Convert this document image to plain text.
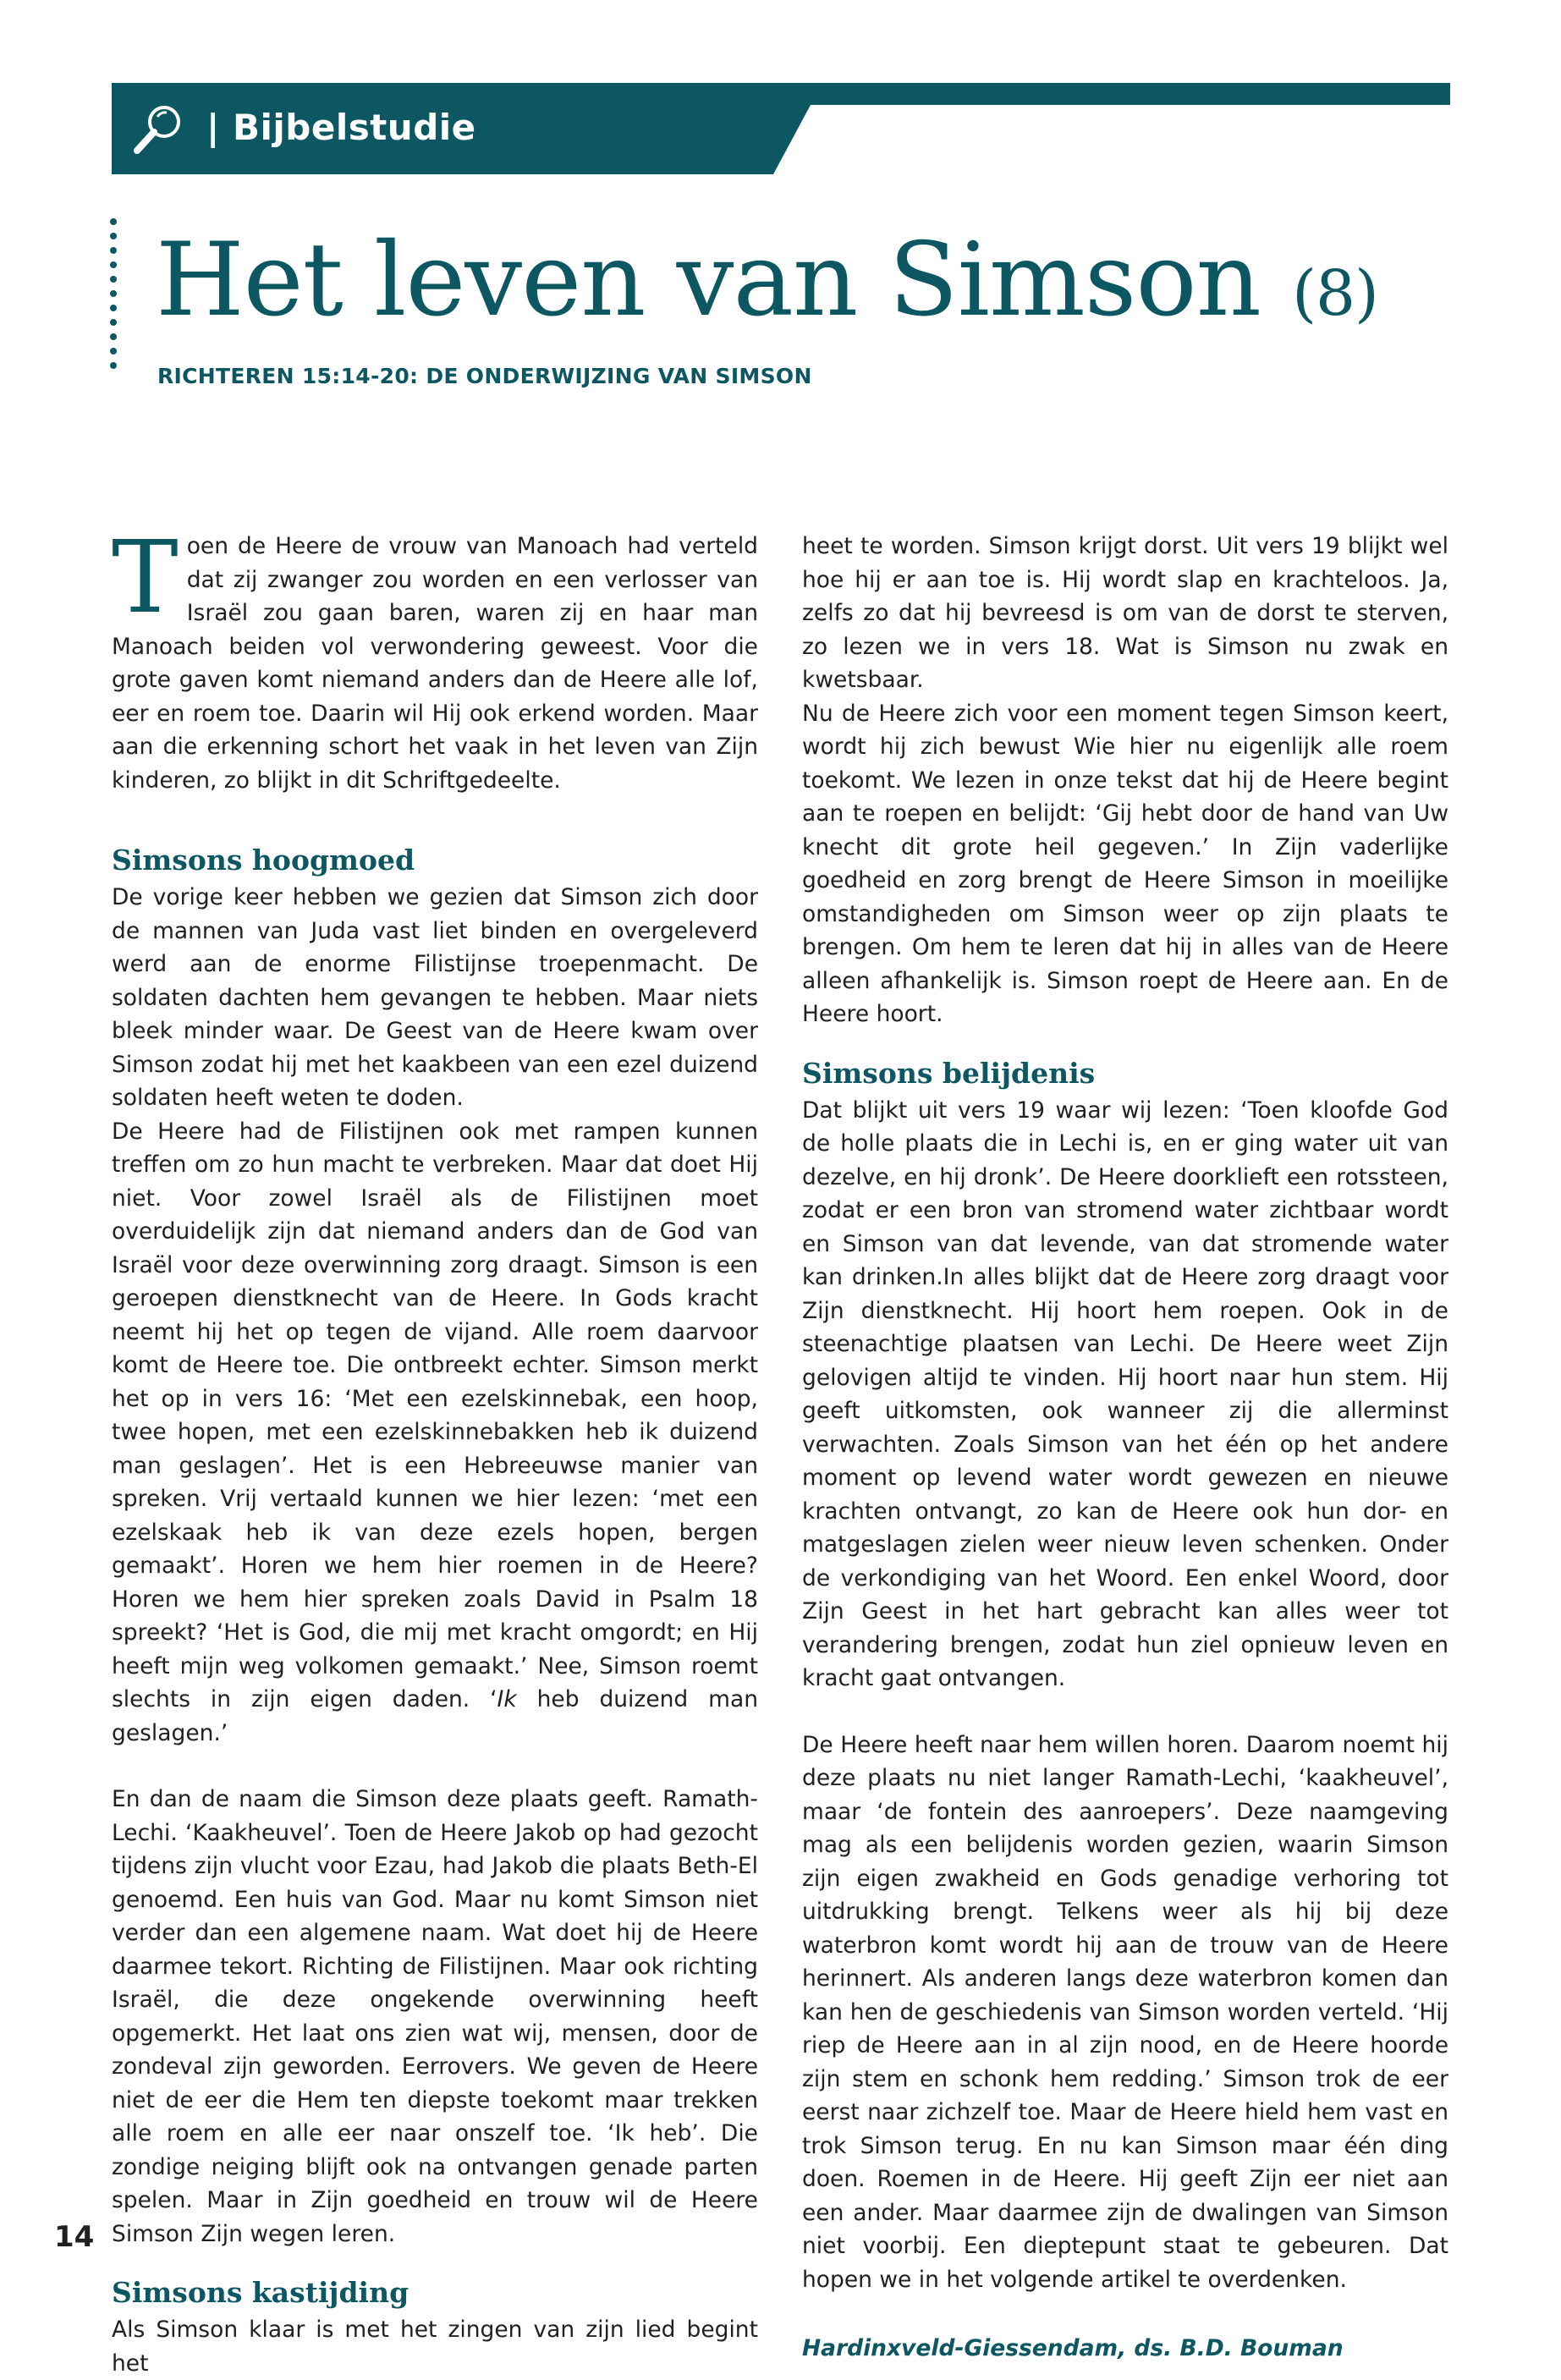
| Bijbelstudie
Het leven van Simson (8)
RICHTEREN 15:14-20: DE ONDERWIJZING VAN SIMSON

Toen de Heere de vrouw van Manoach had verteld dat zij zwanger zou worden en een verlosser van Israël zou gaan baren, waren zij en haar man Manoach beiden vol verwondering geweest. Voor die grote gaven komt niemand anders dan de Heere alle lof, eer en roem toe. Daarin wil Hij ook erkend worden. Maar aan die erkenning schort het vaak in het leven van Zijn kinderen, zo blijkt in dit Schriftgedeelte.

Simsons hoogmoed

De vorige keer hebben we gezien dat Simson zich door de mannen van Juda vast liet binden en overgeleverd werd aan de enorme Filistijnse troepenmacht. De soldaten dachten hem gevangen te hebben. Maar niets bleek minder waar. De Geest van de Heere kwam over Simson zodat hij met het kaakbeen van een ezel duizend soldaten heeft weten te doden.

De Heere had de Filistijnen ook met rampen kunnen treffen om zo hun macht te verbreken. Maar dat doet Hij niet. Voor zowel Israël als de Filistijnen moet overduidelijk zijn dat niemand anders dan de God van Israël voor deze overwinning zorg draagt. Simson is een geroepen dienstknecht van de Heere. In Gods kracht neemt hij het op tegen de vijand. Alle roem daarvoor komt de Heere toe. Die ontbreekt echter. Simson merkt het op in vers 16: ‘Met een ezelskinnebak, een hoop, twee hopen, met een ezelskinnebakken heb ik duizend man geslagen’. Het is een Hebreeuwse manier van spreken. Vrij vertaald kunnen we hier lezen: ‘met een ezelskaak heb ik van deze ezels hopen, bergen gemaakt’. Horen we hem hier roemen in de Heere? Horen we hem hier spreken zoals David in Psalm 18 spreekt? ‘Het is God, die mij met kracht omgordt; en Hij heeft mijn weg volkomen gemaakt.’ Nee, Simson roemt slechts in zijn eigen daden. ‘Ik heb duizend man geslagen.’

En dan de naam die Simson deze plaats geeft. Ramath-Lechi. ‘Kaakheuvel’. Toen de Heere Jakob op had gezocht tijdens zijn vlucht voor Ezau, had Jakob die plaats Beth-El genoemd. Een huis van God. Maar nu komt Simson niet verder dan een algemene naam. Wat doet hij de Heere daarmee tekort. Richting de Filistijnen. Maar ook richting Israël, die deze ongekende overwinning heeft opgemerkt. Het laat ons zien wat wij, mensen, door de zondeval zijn geworden. Eerrovers. We geven de Heere niet de eer die Hem ten diepste toekomt maar trekken alle roem en alle eer naar onszelf toe. ‘Ik heb’. Die zondige neiging blijft ook na ontvangen genade parten spelen. Maar in Zijn goedheid en trouw wil de Heere Simson Zijn wegen leren.

Simsons kastijding

Als Simson klaar is met het zingen van zijn lied begint het

heet te worden. Simson krijgt dorst. Uit vers 19 blijkt wel hoe hij er aan toe is. Hij wordt slap en krachteloos. Ja, zelfs zo dat hij bevreesd is om van de dorst te sterven, zo lezen we in vers 18. Wat is Simson nu zwak en kwetsbaar.

Nu de Heere zich voor een moment tegen Simson keert, wordt hij zich bewust Wie hier nu eigenlijk alle roem toekomt. We lezen in onze tekst dat hij de Heere begint aan te roepen en belijdt: ‘Gij hebt door de hand van Uw knecht dit grote heil gegeven.’ In Zijn vaderlijke goedheid en zorg brengt de Heere Simson in moeilijke omstandigheden om Simson weer op zijn plaats te brengen. Om hem te leren dat hij in alles van de Heere alleen afhankelijk is. Simson roept de Heere aan. En de Heere hoort.

Simsons belijdenis

Dat blijkt uit vers 19 waar wij lezen: ‘Toen kloofde God de holle plaats die in Lechi is, en er ging water uit van dezelve, en hij dronk’. De Heere doorklieft een rotssteen, zodat er een bron van stromend water zichtbaar wordt en Simson van dat levende, van dat stromende water kan drinken.In alles blijkt dat de Heere zorg draagt voor Zijn dienstknecht. Hij hoort hem roepen. Ook in de steenachtige plaatsen van Lechi. De Heere weet Zijn gelovigen altijd te vinden. Hij hoort naar hun stem. Hij geeft uitkomsten, ook wanneer zij die allerminst verwachten. Zoals Simson van het één op het andere moment op levend water wordt gewezen en nieuwe krachten ontvangt, zo kan de Heere ook hun dor- en matgeslagen zielen weer nieuw leven schenken. Onder de verkondiging van het Woord. Een enkel Woord, door Zijn Geest in het hart gebracht kan alles weer tot verandering brengen, zodat hun ziel opnieuw leven en kracht gaat ontvangen.

De Heere heeft naar hem willen horen. Daarom noemt hij deze plaats nu niet langer Ramath-Lechi, ‘kaakheuvel’, maar ‘de fontein des aanroepers’. Deze naamgeving mag als een belijdenis worden gezien, waarin Simson zijn eigen zwakheid en Gods genadige verhoring tot uitdrukking brengt. Telkens weer als hij bij deze waterbron komt wordt hij aan de trouw van de Heere herinnert. Als anderen langs deze waterbron komen dan kan hen de geschiedenis van Simson worden verteld. ‘Hij riep de Heere aan in al zijn nood, en de Heere hoorde zijn stem en schonk hem redding.’ Simson trok de eer eerst naar zichzelf toe. Maar de Heere hield hem vast en trok Simson terug. En nu kan Simson maar één ding doen. Roemen in de Heere. Hij geeft Zijn eer niet aan een ander. Maar daarmee zijn de dwalingen van Simson niet voorbij. Een dieptepunt staat te gebeuren. Dat hopen we in het volgende artikel te overdenken.

Hardinxveld-Giessendam, ds. B.D. Bouman

14
